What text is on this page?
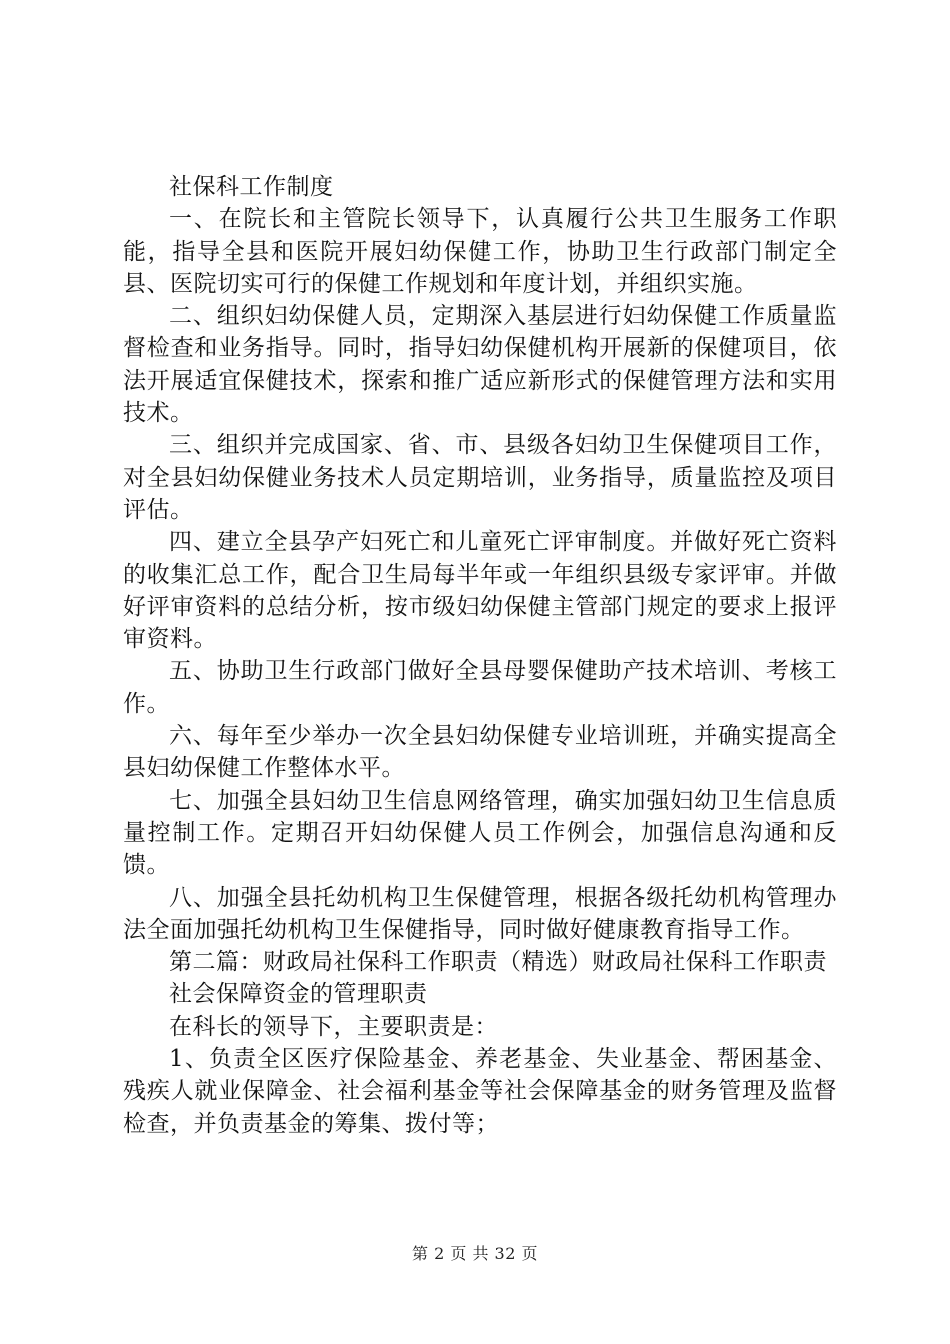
社保科工作制度

一、在院长和主管院长领导下，认真履行公共卫生服务工作职能，指导全县和医院开展妇幼保健工作，协助卫生行政部门制定全县、医院切实可行的保健工作规划和年度计划，并组织实施。

二、组织妇幼保健人员，定期深入基层进行妇幼保健工作质量监督检查和业务指导。同时，指导妇幼保健机构开展新的保健项目，依法开展适宜保健技术，探索和推广适应新形式的保健管理方法和实用技术。

三、组织并完成国家、省、市、县级各妇幼卫生保健项目工作，对全县妇幼保健业务技术人员定期培训，业务指导，质量监控及项目评估。

四、建立全县孕产妇死亡和儿童死亡评审制度。并做好死亡资料的收集汇总工作，配合卫生局每半年或一年组织县级专家评审。并做好评审资料的总结分析，按市级妇幼保健主管部门规定的要求上报评审资料。

五、协助卫生行政部门做好全县母婴保健助产技术培训、考核工作。

六、每年至少举办一次全县妇幼保健专业培训班，并确实提高全县妇幼保健工作整体水平。

七、加强全县妇幼卫生信息网络管理，确实加强妇幼卫生信息质量控制工作。定期召开妇幼保健人员工作例会，加强信息沟通和反馈。

八、加强全县托幼机构卫生保健管理，根据各级托幼机构管理办法全面加强托幼机构卫生保健指导，同时做好健康教育指导工作。

第二篇：财政局社保科工作职责（精选）财政局社保科工作职责

社会保障资金的管理职责

在科长的领导下，主要职责是：

1、负责全区医疗保险基金、养老基金、失业基金、帮困基金、残疾人就业保障金、社会福利基金等社会保障基金的财务管理及监督检查，并负责基金的筹集、拨付等；

第 2 页 共 32 页
